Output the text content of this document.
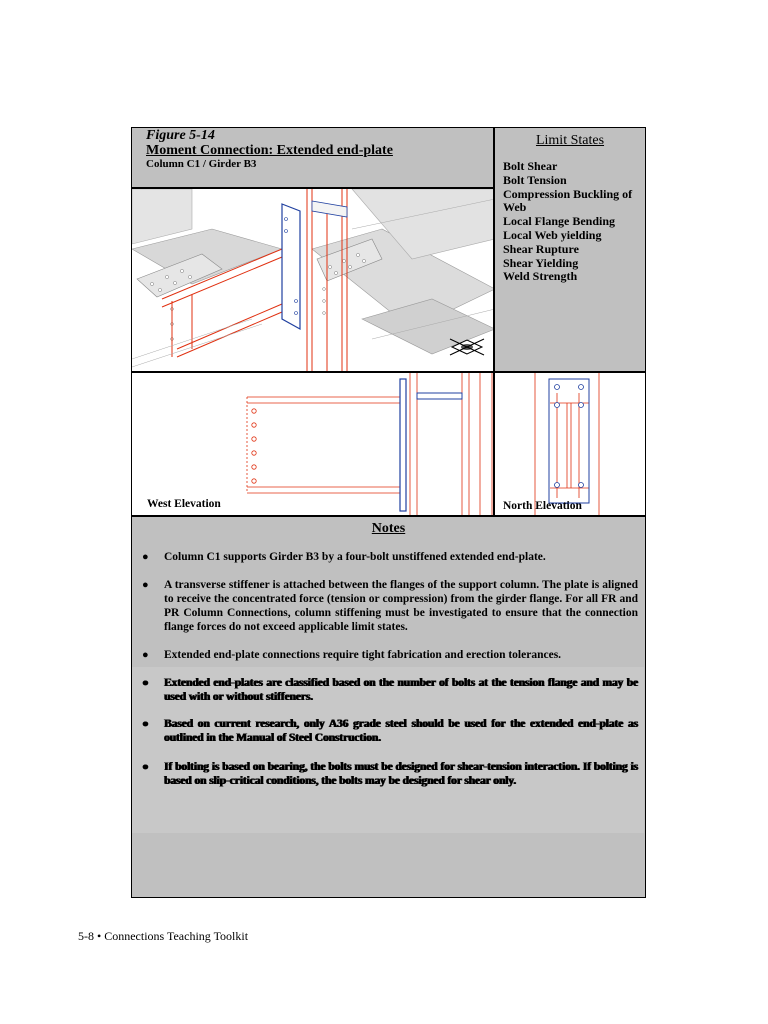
Figure 5-14
Moment Connection: Extended end-plate
Column C1 / Girder B3
Limit States
Bolt Shear
Bolt Tension
Compression Buckling of Web
Local Flange Bending
Local Web yielding
Shear Rupture
Shear Yielding
Weld Strength
West Elevation	North Elevation
Notes
● Column C1 supports Girder B3 by a four-bolt unstiffened extended end-plate.
● A transverse stiffener is attached between the flanges of the support column. The plate is aligned to receive the concentrated force (tension or compression) from the girder flange. For all FR and PR Column Connections, column stiffening must be investigated to ensure that the connection flange forces do not exceed applicable limit states.
● Extended end-plate connections require tight fabrication and erection tolerances.
● Extended end-plates are classified based on the number of bolts at the tension flange and may be used with or without stiffeners.
● Based on current research, only A36 grade steel should be used for the extended end-plate as outlined in the Manual of Steel Construction.
● If bolting is based on bearing, the bolts must be designed for shear-tension interaction. If bolting is based on slip-critical conditions, the bolts may be designed for shear only.
5-8 • Connections Teaching Toolkit
